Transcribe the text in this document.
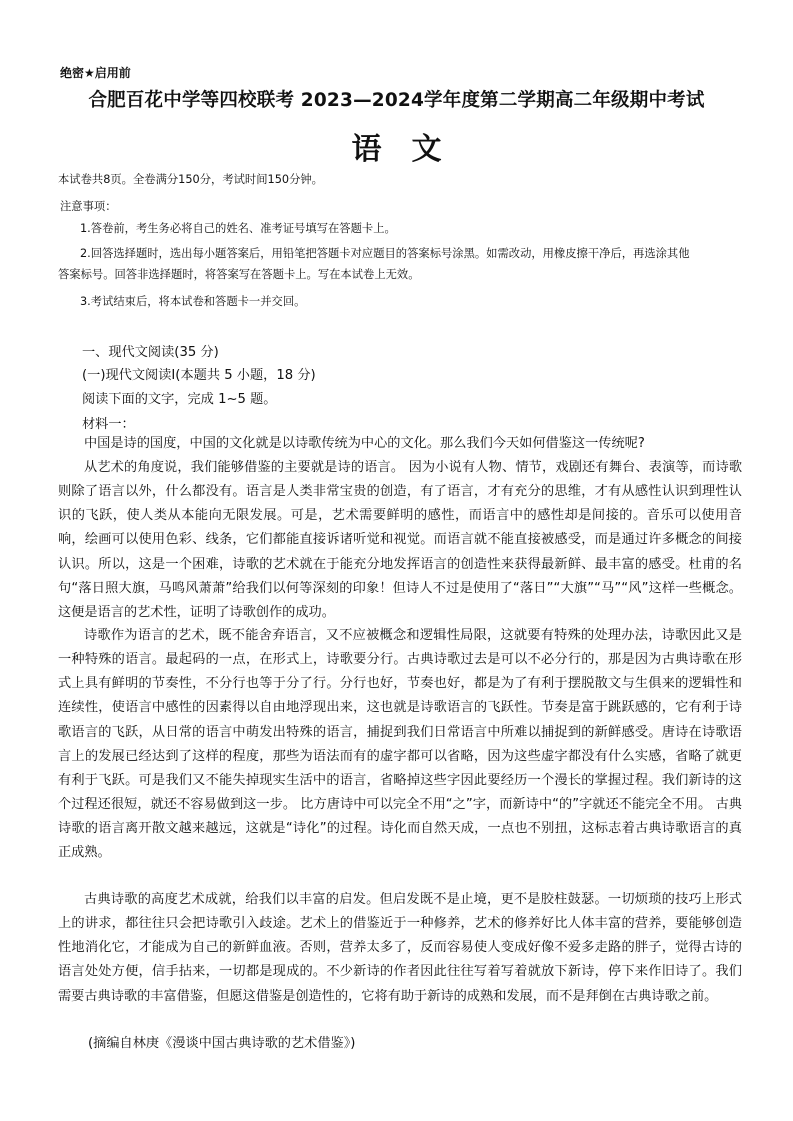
绝密★启用前
合肥百花中学等四校联考 2023—2024学年度第二学期高二年级期中考试
语文
本试卷共8页。全卷满分150分，考试时间150分钟。
注意事项：
1.答卷前，考生务必将自己的姓名、准考证号填写在答题卡上。
2.回答选择题时，选出每小题答案后，用铅笔把答题卡对应题目的答案标号涂黑。如需改动，用橡皮擦干净后，再选涂其他
答案标号。回答非选择题时，将答案写在答题卡上。写在本试卷上无效。
3.考试结束后，将本试卷和答题卡一并交回。
一、现代文阅读(35 分)
(一)现代文阅读Ⅰ(本题共 5 小题，18 分)
阅读下面的文字，完成 1~5 题。
材料一：
中国是诗的国度，中国的文化就是以诗歌传统为中心的文化。那么我们今天如何借鉴这一传统呢?
从艺术的角度说，我们能够借鉴的主要就是诗的语言。 因为小说有人物、情节，戏剧还有舞台、表演等，而诗歌则除了语言以外，什么都没有。语言是人类非常宝贵的创造，有了语言，才有充分的思维，才有从感性认识到理性认识的飞跃，使人类从本能向无限发展。可是，艺术需要鲜明的感性，而语言中的感性却是间接的。音乐可以使用音响，绘画可以使用色彩、线条，它们都能直接诉诸听觉和视觉。而语言就不能直接被感受，而是通过许多概念的间接认识。所以，这是一个困难，诗歌的艺术就在于能充分地发挥语言的创造性来获得最新鲜、最丰富的感受。杜甫的名句“落日照大旗，马鸣风萧萧”给我们以何等深刻的印象！但诗人不过是使用了“落日”“大旗”“马”“风”这样一些概念。这便是语言的艺术性，证明了诗歌创作的成功。
诗歌作为语言的艺术，既不能舍弃语言，又不应被概念和逻辑性局限，这就要有特殊的处理办法，诗歌因此又是一种特殊的语言。最起码的一点，在形式上，诗歌要分行。古典诗歌过去是可以不必分行的，那是因为古典诗歌在形式上具有鲜明的节奏性，不分行也等于分了行。分行也好，节奏也好，都是为了有利于摆脱散文与生俱来的逻辑性和连续性，使语言中感性的因素得以自由地浮现出来，这也就是诗歌语言的飞跃性。节奏是富于跳跃感的，它有利于诗歌语言的飞跃，从日常的语言中萌发出特殊的语言，捕捉到我们日常语言中所难以捕捉到的新鲜感受。唐诗在诗歌语言上的发展已经达到了这样的程度，那些为语法而有的虚字都可以省略，因为这些虚字都没有什么实感，省略了就更有利于飞跃。可是我们又不能失掉现实生活中的语言，省略掉这些字因此要经历一个漫长的掌握过程。我们新诗的这个过程还很短，就还不容易做到这一步。 比方唐诗中可以完全不用“之”字，而新诗中“的”字就还不能完全不用。 古典诗歌的语言离开散文越来越远，这就是“诗化”的过程。诗化而自然天成，一点也不别扭，这标志着古典诗歌语言的真正成熟。
古典诗歌的高度艺术成就，给我们以丰富的启发。但启发既不是止境，更不是胶柱鼓瑟。一切烦琐的技巧上形式上的讲求，都往往只会把诗歌引入歧途。艺术上的借鉴近于一种修养，艺术的修养好比人体丰富的营养，要能够创造性地消化它，才能成为自己的新鲜血液。否则，营养太多了，反而容易使人变成好像不爱多走路的胖子，觉得古诗的语言处处方便，信手拈来，一切都是现成的。不少新诗的作者因此往往写着写着就放下新诗，停下来作旧诗了。我们需要古典诗歌的丰富借鉴，但愿这借鉴是创造性的，它将有助于新诗的成熟和发展，而不是拜倒在古典诗歌之前。
(摘编自林庚《漫谈中国古典诗歌的艺术借鉴》)
